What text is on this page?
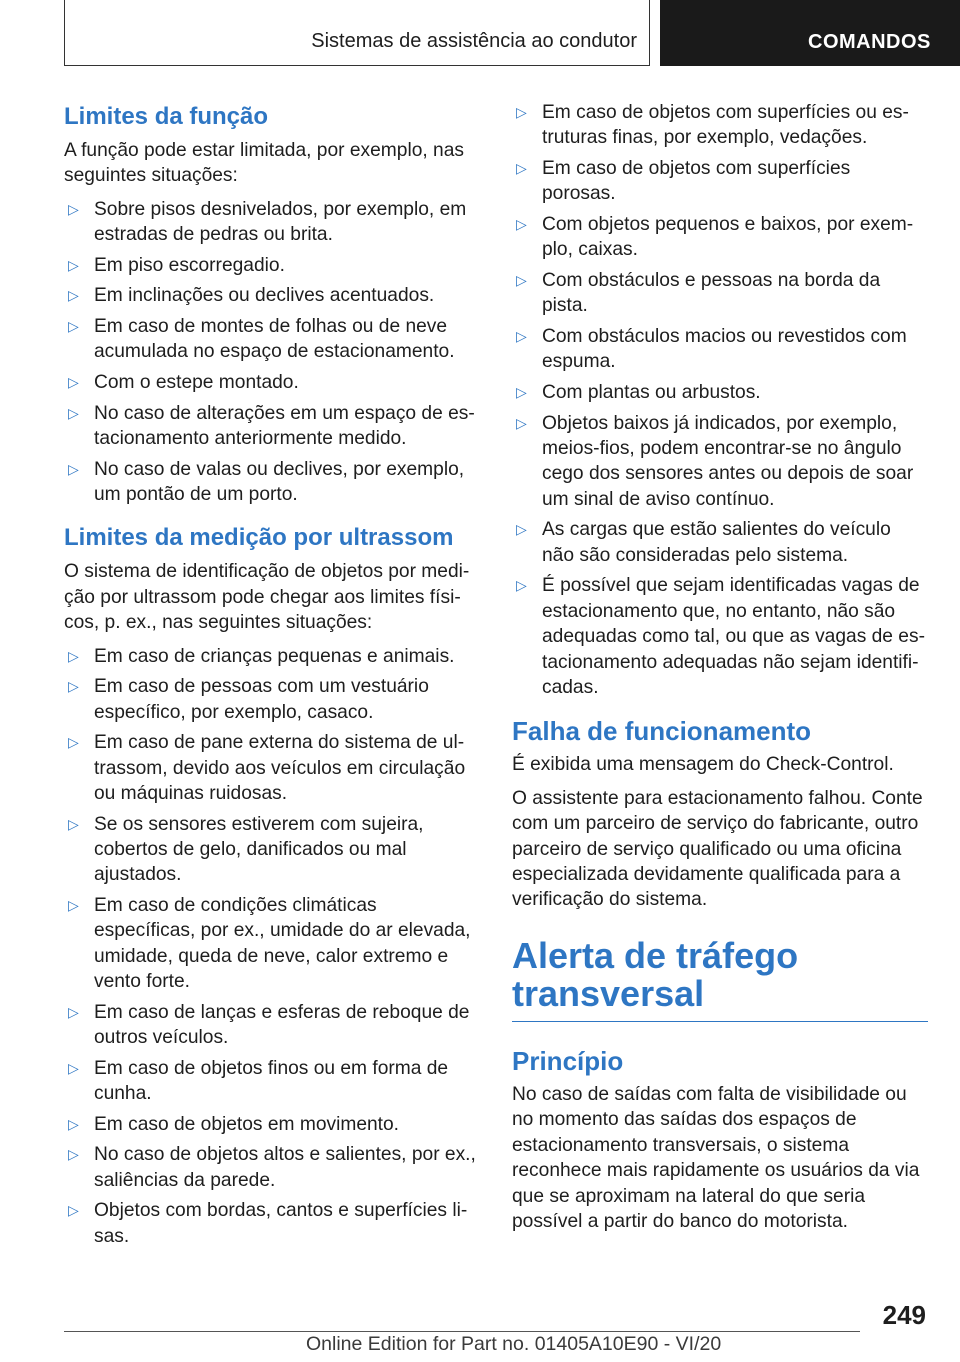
Sistemas de assistência ao condutor	COMANDOS
Limites da função

A função pode estar limitada, por exemplo, nas seguintes situações:

▷ Sobre pisos desnivelados, por exemplo, em estradas de pedras ou brita.
▷ Em piso escorregadio.
▷ Em inclinações ou declives acentuados.
▷ Em caso de montes de folhas ou de neve acumulada no espaço de estacionamento.
▷ Com o estepe montado.
▷ No caso de alterações em um espaço de estacionamento anteriormente medido.
▷ No caso de valas ou declives, por exemplo, um pontão de um porto.
Limites da medição por ultrassom

O sistema de identificação de objetos por medição por ultrassom pode chegar aos limites físicos, p. ex., nas seguintes situações:

▷ Em caso de crianças pequenas e animais.
▷ Em caso de pessoas com um vestuário específico, por exemplo, casaco.
▷ Em caso de pane externa do sistema de ultrassom, devido aos veículos em circulação ou máquinas ruidosas.
▷ Se os sensores estiverem com sujeira, cobertos de gelo, danificados ou mal ajustados.
▷ Em caso de condições climáticas específicas, por ex., umidade do ar elevada, umidade, queda de neve, calor extremo e vento forte.
▷ Em caso de lanças e esferas de reboque de outros veículos.
▷ Em caso de objetos finos ou em forma de cunha.
▷ Em caso de objetos em movimento.
▷ No caso de objetos altos e salientes, por ex., saliências da parede.
▷ Objetos com bordas, cantos e superfícies lisas.
▷ Em caso de objetos com superfícies ou estruturas finas, por exemplo, vedações.
▷ Em caso de objetos com superfícies porosas.
▷ Com objetos pequenos e baixos, por exemplo, caixas.
▷ Com obstáculos e pessoas na borda da pista.
▷ Com obstáculos macios ou revestidos com espuma.
▷ Com plantas ou arbustos.
▷ Objetos baixos já indicados, por exemplo, meios-fios, podem encontrar-se no ângulo cego dos sensores antes ou depois de soar um sinal de aviso contínuo.
▷ As cargas que estão salientes do veículo não são consideradas pelo sistema.
▷ É possível que sejam identificadas vagas de estacionamento que, no entanto, não são adequadas como tal, ou que as vagas de estacionamento adequadas não sejam identificadas.
Falha de funcionamento

É exibida uma mensagem do Check-Control.

O assistente para estacionamento falhou. Conte com um parceiro de serviço do fabricante, outro parceiro de serviço qualificado ou uma oficina especializada devidamente qualificada para a verificação do sistema.

Alerta de tráfego transversal
Princípio

No caso de saídas com falta de visibilidade ou no momento das saídas dos espaços de estacionamento transversais, o sistema reconhece mais rapidamente os usuários da via que se aproximam na lateral do que seria possível a partir do banco do motorista.

249
Online Edition for Part no. 01405A10E90 - VI/20
